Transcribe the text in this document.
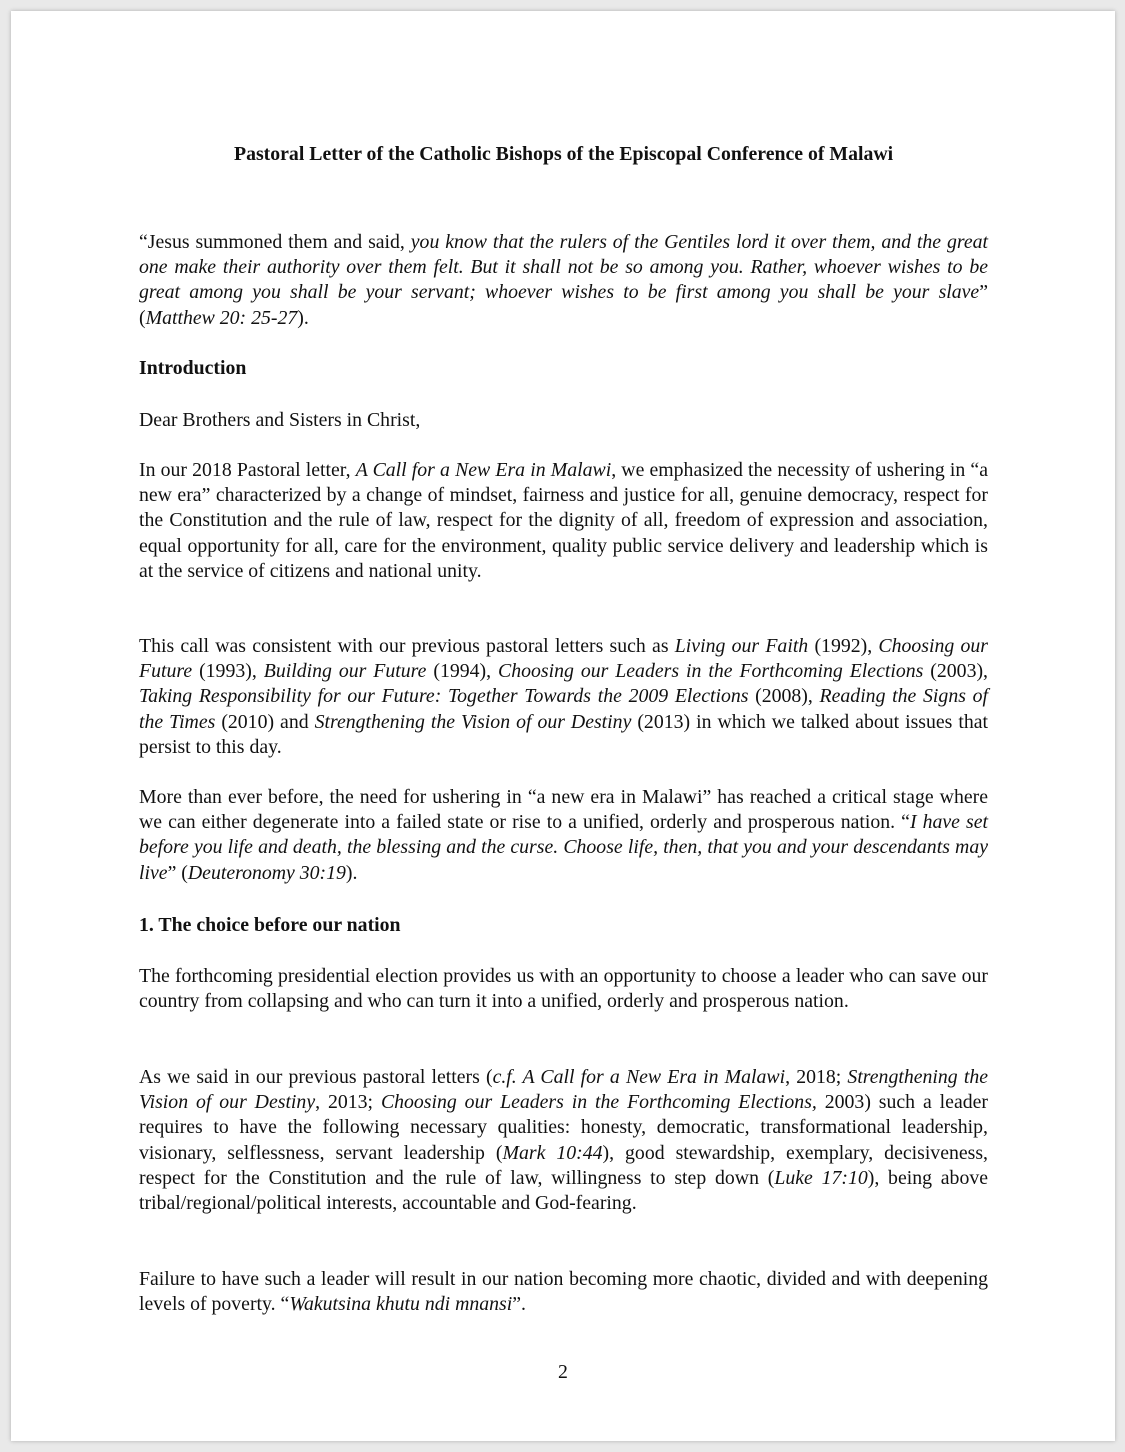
Pastoral Letter of the Catholic Bishops of the Episcopal Conference of Malawi

“Jesus summoned them and said, you know that the rulers of the Gentiles lord it over them, and the great one make their authority over them felt. But it shall not be so among you. Rather, whoever wishes to be great among you shall be your servant; whoever wishes to be first among you shall be your slave” (Matthew 20: 25-27).

Introduction

Dear Brothers and Sisters in Christ,

In our 2018 Pastoral letter, A Call for a New Era in Malawi, we emphasized the necessity of ushering in “a new era” characterized by a change of mindset, fairness and justice for all, genuine democracy, respect for the Constitution and the rule of law, respect for the dignity of all, freedom of expression and association, equal opportunity for all, care for the environment, quality public service delivery and leadership which is at the service of citizens and national unity.

This call was consistent with our previous pastoral letters such as Living our Faith (1992), Choosing our Future (1993), Building our Future (1994), Choosing our Leaders in the Forthcoming Elections (2003), Taking Responsibility for our Future: Together Towards the 2009 Elections (2008), Reading the Signs of the Times (2010) and Strengthening the Vision of our Destiny (2013) in which we talked about issues that persist to this day.

More than ever before, the need for ushering in “a new era in Malawi” has reached a critical stage where we can either degenerate into a failed state or rise to a unified, orderly and prosperous nation. “I have set before you life and death, the blessing and the curse. Choose life, then, that you and your descendants may live” (Deuteronomy 30:19).

1. The choice before our nation

The forthcoming presidential election provides us with an opportunity to choose a leader who can save our country from collapsing and who can turn it into a unified, orderly and prosperous nation.

As we said in our previous pastoral letters (c.f. A Call for a New Era in Malawi, 2018; Strengthening the Vision of our Destiny, 2013; Choosing our Leaders in the Forthcoming Elections, 2003) such a leader requires to have the following necessary qualities: honesty, democratic, transformational leadership, visionary, selflessness, servant leadership (Mark 10:44), good stewardship, exemplary, decisiveness, respect for the Constitution and the rule of law, willingness to step down (Luke 17:10), being above tribal/regional/political interests, accountable and God-fearing.

Failure to have such a leader will result in our nation becoming more chaotic, divided and with deepening levels of poverty. “Wakutsina khutu ndi mnansi”.

2
